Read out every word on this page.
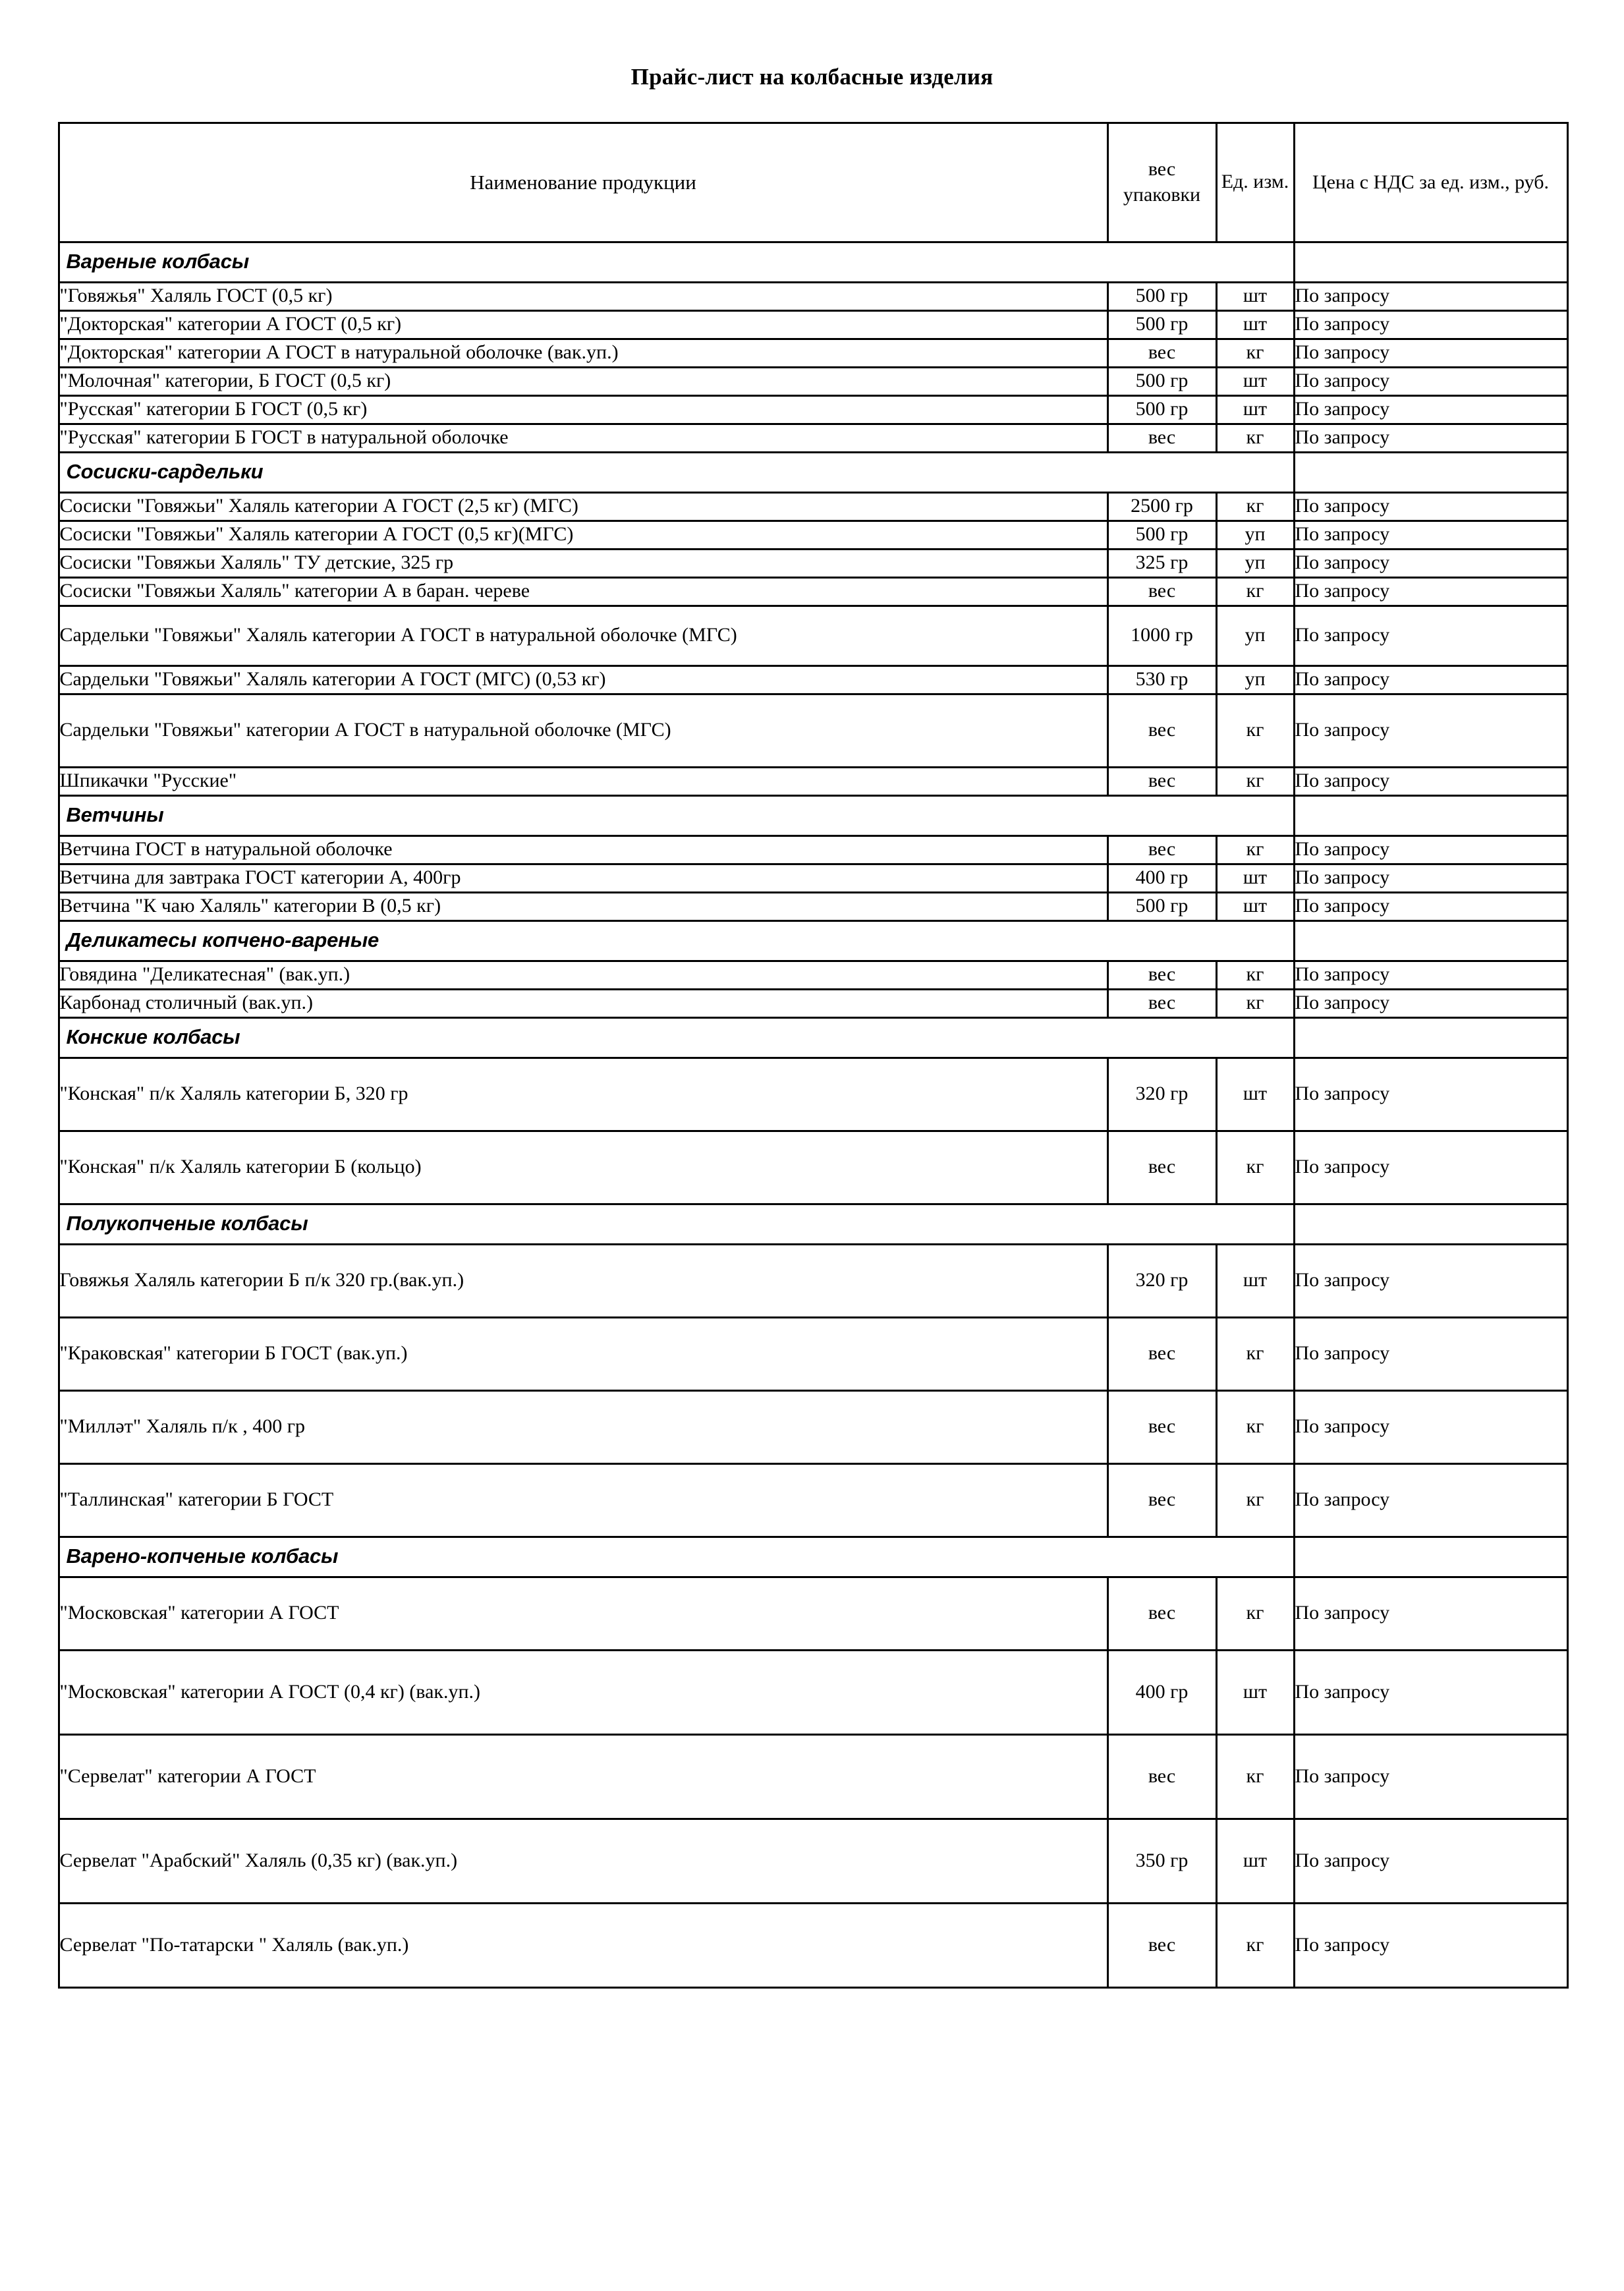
Прайс-лист на колбасные изделия
Наименование продукции	вес упаковки	Ед. изм.	Цена с НДС за ед. изм., руб.
Вареные колбасы			
"Говяжья" Халяль ГОСТ (0,5 кг)	500 гр	шт	По запросу
"Докторская" категории А ГОСТ (0,5 кг)	500 гр	шт	По запросу
"Докторская" категории А ГОСТ в натуральной оболочке (вак.уп.)	вес	кг	По запросу
"Молочная" категории, Б ГОСТ (0,5 кг)	500 гр	шт	По запросу
"Русская" категории Б ГОСТ (0,5 кг)	500 гр	шт	По запросу
"Русская" категории Б ГОСТ в натуральной оболочке	вес	кг	По запросу
Сосиски-сардельки			
Сосиски "Говяжьи" Халяль категории А ГОСТ (2,5 кг) (МГС)	2500 гр	кг	По запросу
Сосиски "Говяжьи" Халяль категории А ГОСТ (0,5 кг)(МГС)	500 гр	уп	По запросу
Сосиски "Говяжьи Халяль" ТУ детские, 325 гр	325 гр	уп	По запросу
Сосиски "Говяжьи Халяль" категории А в баран. череве	вес	кг	По запросу
Сардельки "Говяжьи" Халяль категории А ГОСТ в натуральной оболочке (МГС)	1000 гр	уп	По запросу
Сардельки "Говяжьи" Халяль категории А ГОСТ (МГС) (0,53 кг)	530 гр	уп	По запросу
Сардельки "Говяжьи" категории А ГОСТ в натуральной оболочке (МГС)	вес	кг	По запросу
Шпикачки "Русские"	вес	кг	По запросу
Ветчины			
Ветчина ГОСТ в натуральной оболочке	вес	кг	По запросу
Ветчина для завтрака ГОСТ категории А, 400гр	400 гр	шт	По запросу
Ветчина "К чаю Халяль" категории В (0,5 кг)	500 гр	шт	По запросу
Деликатесы копчено-вареные			
Говядина "Деликатесная" (вак.уп.)	вес	кг	По запросу
Карбонад столичный (вак.уп.)	вес	кг	По запросу
Конские колбасы			
"Конская" п/к Халяль категории Б, 320 гр	320 гр	шт	По запросу
"Конская" п/к Халяль категории Б (кольцо)	вес	кг	По запросу
Полукопченые колбасы			
Говяжья Халяль категории Б п/к 320 гр.(вак.уп.)	320 гр	шт	По запросу
"Краковская" категории Б ГОСТ (вак.уп.)	вес	кг	По запросу
"Миллəт" Халяль п/к , 400 гр	вес	кг	По запросу
"Таллинская" категории Б ГОСТ	вес	кг	По запросу
Варено-копченые колбасы			
"Московская" категории А ГОСТ	вес	кг	По запросу
"Московская" категории А ГОСТ (0,4 кг) (вак.уп.)	400 гр	шт	По запросу
"Сервелат" категории А ГОСТ	вес	кг	По запросу
Сервелат "Арабский" Халяль (0,35 кг) (вак.уп.)	350 гр	шт	По запросу
Сервелат "По-татарски " Халяль (вак.уп.)	вес	кг	По запросу
